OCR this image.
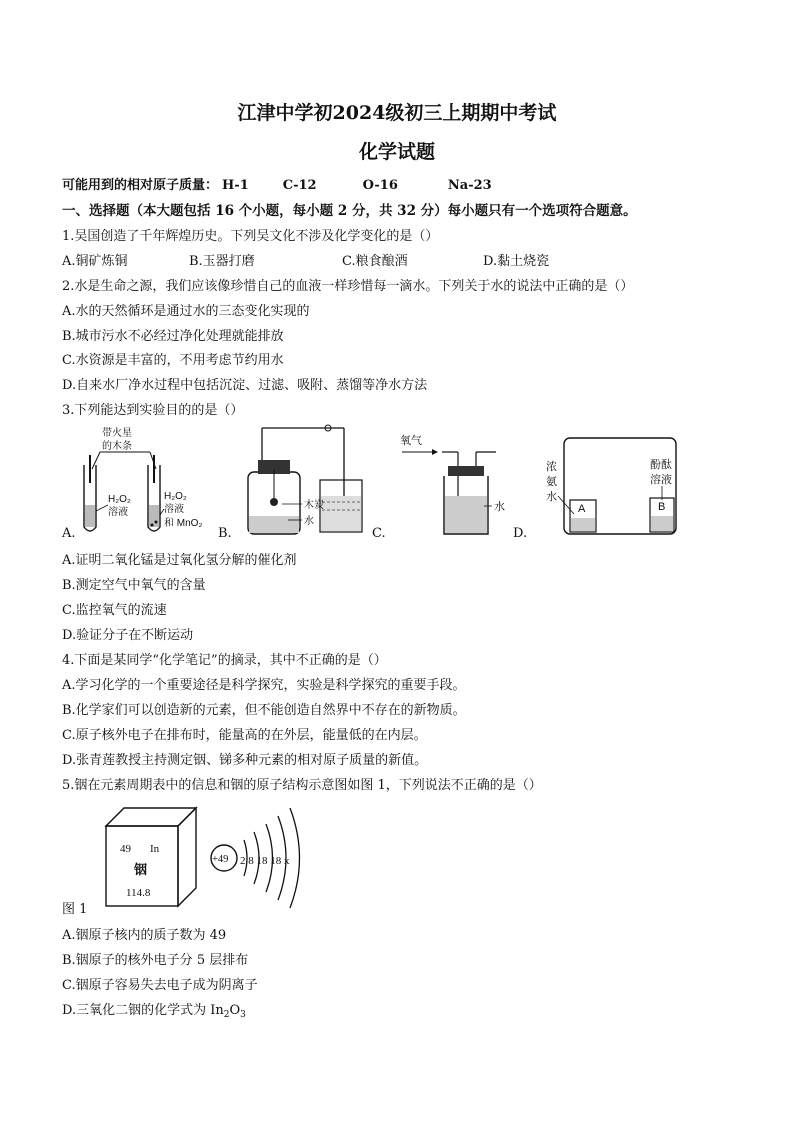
江津中学初2024级初三上期期中考试
化学试题
可能用到的相对原子质量： H-1	C-12	O-16	Na-23
一、选择题（本大题包括 16 个小题，每小题 2 分，共 32 分）每小题只有一个选项符合题意。
1.吴国创造了千年辉煌历史。下列吴文化不涉及化学变化的是（）
A.铜矿炼铜	B.玉器打磨	C.粮食酿酒	D.黏土烧瓷
2.水是生命之源，我们应该像珍惜自己的血液一样珍惜每一滴水。下列关于水的说法中正确的是（）
A.水的天然循环是通过水的三态变化实现的
B.城市污水不必经过净化处理就能排放
C.水资源是丰富的，不用考虑节约用水
D.自来水厂净水过程中包括沉淀、过滤、吸附、蒸馏等净水方法
3.下列能达到实验目的的是（）
A.
带火星
的木条
H₂O₂
溶液
H₂O₂
溶液
和 MnO₂
B.
木炭
水
C.
氧气
水
D.
浓
氨
水
酚酞
溶液
A	B
A.证明二氧化锰是过氧化氢分解的催化剂
B.测定空气中氧气的含量
C.监控氧气的流速
D.验证分子在不断运动
4.下面是某同学“化学笔记”的摘录，其中不正确的是（）
A.学习化学的一个重要途径是科学探究，实验是科学探究的重要手段。
B.化学家们可以创造新的元素，但不能创造自然界中不存在的新物质。
C.原子核外电子在排布时，能量高的在外层，能量低的在内层。
D.张青莲教授主持测定铟、锑多种元素的相对原子质量的新值。
5.铟在元素周期表中的信息和铟的原子结构示意图如图 1，下列说法不正确的是（）
49 In
铟
114.8
+49 2 8 18 18 x
图 1
A.铟原子核内的质子数为 49
B.铟原子的核外电子分 5 层排布
C.铟原子容易失去电子成为阴离子
D.三氧化二铟的化学式为 $In_2O_3$
